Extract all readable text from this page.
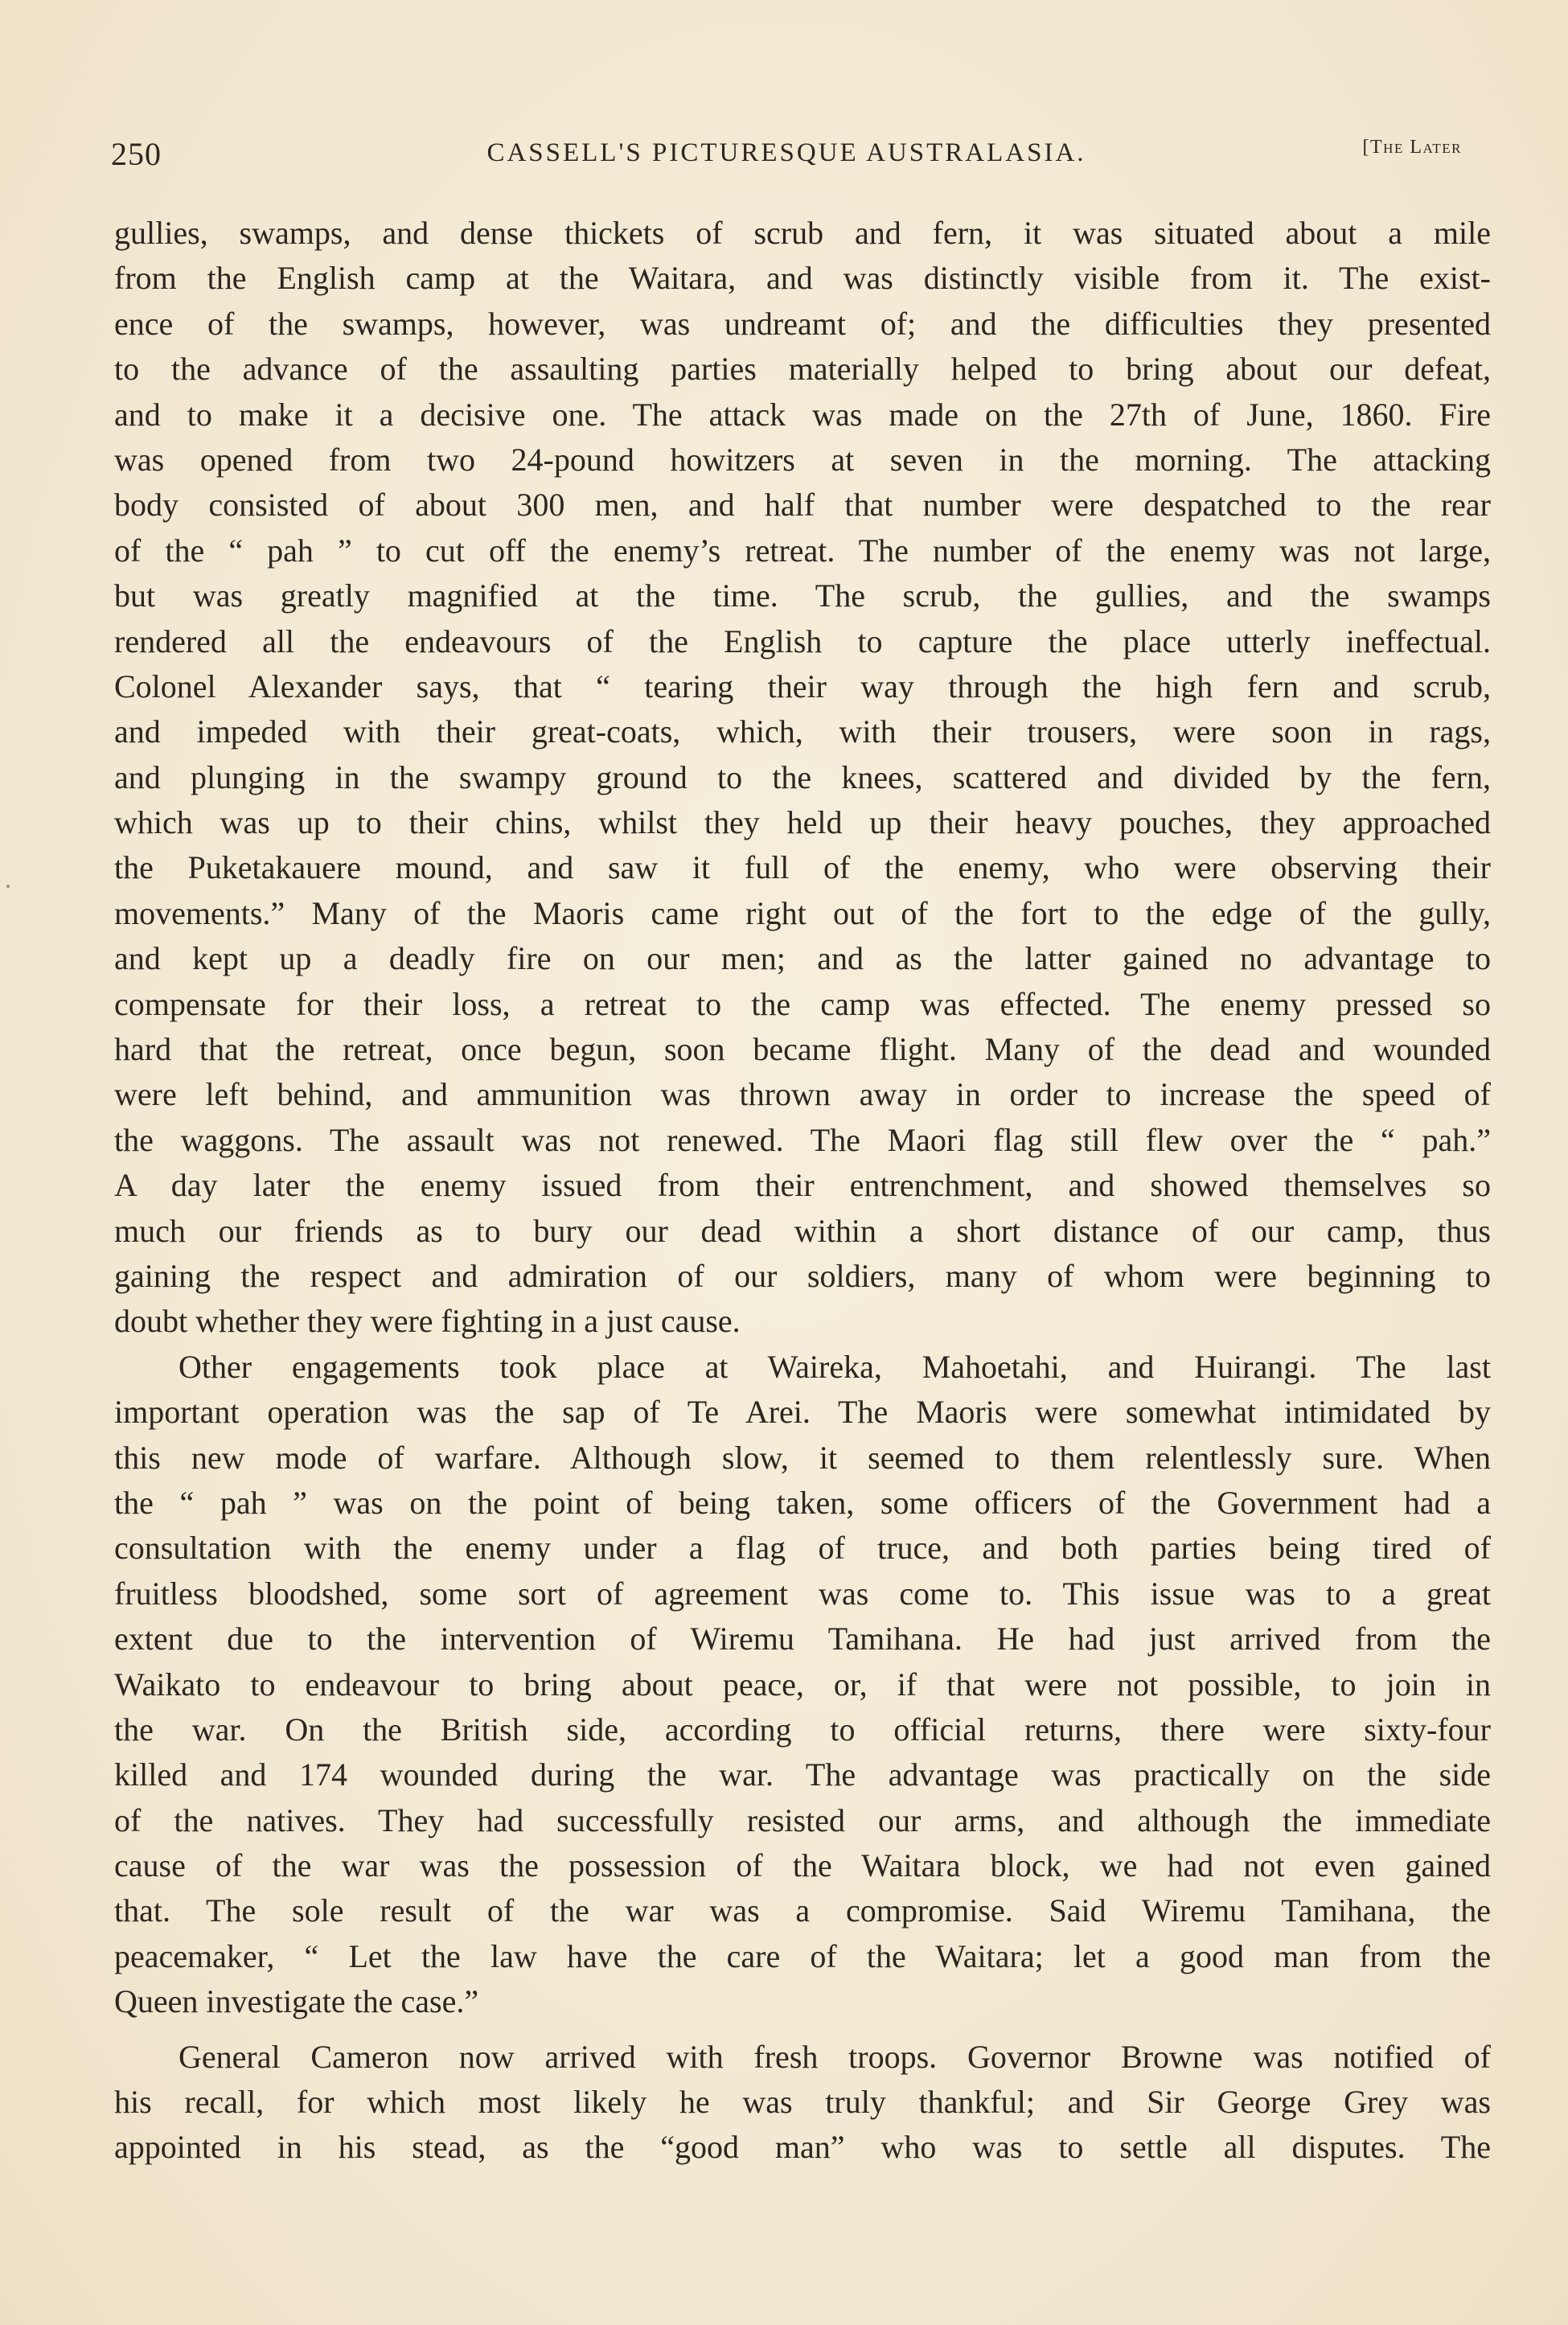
250	CASSELL'S PICTURESQUE AUSTRALASIA.	[The Later
gullies, swamps, and dense thickets of scrub and fern, it was situated about a mile
from the English camp at the Waitara, and was distinctly visible from it. The exist-
ence of the swamps, however, was undreamt of; and the difficulties they presented
to the advance of the assaulting parties materially helped to bring about our defeat,
and to make it a decisive one. The attack was made on the 27th of June, 1860. Fire
was opened from two 24-pound howitzers at seven in the morning. The attacking
body consisted of about 300 men, and half that number were despatched to the rear
of the “ pah ” to cut off the enemy’s retreat. The number of the enemy was not large,
but was greatly magnified at the time. The scrub, the gullies, and the swamps
rendered all the endeavours of the English to capture the place utterly ineffectual.
Colonel Alexander says, that “ tearing their way through the high fern and scrub,
and impeded with their great-coats, which, with their trousers, were soon in rags,
and plunging in the swampy ground to the knees, scattered and divided by the fern,
which was up to their chins, whilst they held up their heavy pouches, they approached
the Puketakauere mound, and saw it full of the enemy, who were observing their
movements.” Many of the Maoris came right out of the fort to the edge of the gully,
and kept up a deadly fire on our men; and as the latter gained no advantage to
compensate for their loss, a retreat to the camp was effected. The enemy pressed so
hard that the retreat, once begun, soon became flight. Many of the dead and wounded
were left behind, and ammunition was thrown away in order to increase the speed of
the waggons. The assault was not renewed. The Maori flag still flew over the “ pah.”
A day later the enemy issued from their entrenchment, and showed themselves so
much our friends as to bury our dead within a short distance of our camp, thus
gaining the respect and admiration of our soldiers, many of whom were beginning to
doubt whether they were fighting in a just cause.
Other engagements took place at Waireka, Mahoetahi, and Huirangi. The last
important operation was the sap of Te Arei. The Maoris were somewhat intimidated by
this new mode of warfare. Although slow, it seemed to them relentlessly sure. When
the “ pah ” was on the point of being taken, some officers of the Government had a
consultation with the enemy under a flag of truce, and both parties being tired of
fruitless bloodshed, some sort of agreement was come to. This issue was to a great
extent due to the intervention of Wiremu Tamihana. He had just arrived from the
Waikato to endeavour to bring about peace, or, if that were not possible, to join in
the war. On the British side, according to official returns, there were sixty-four
killed and 174 wounded during the war. The advantage was practically on the side
of the natives. They had successfully resisted our arms, and although the immediate
cause of the war was the possession of the Waitara block, we had not even gained
that. The sole result of the war was a compromise. Said Wiremu Tamihana, the
peacemaker, “ Let the law have the care of the Waitara; let a good man from the
Queen investigate the case.”
General Cameron now arrived with fresh troops. Governor Browne was notified of
his recall, for which most likely he was truly thankful; and Sir George Grey was
appointed in his stead, as the “good man” who was to settle all disputes. The
